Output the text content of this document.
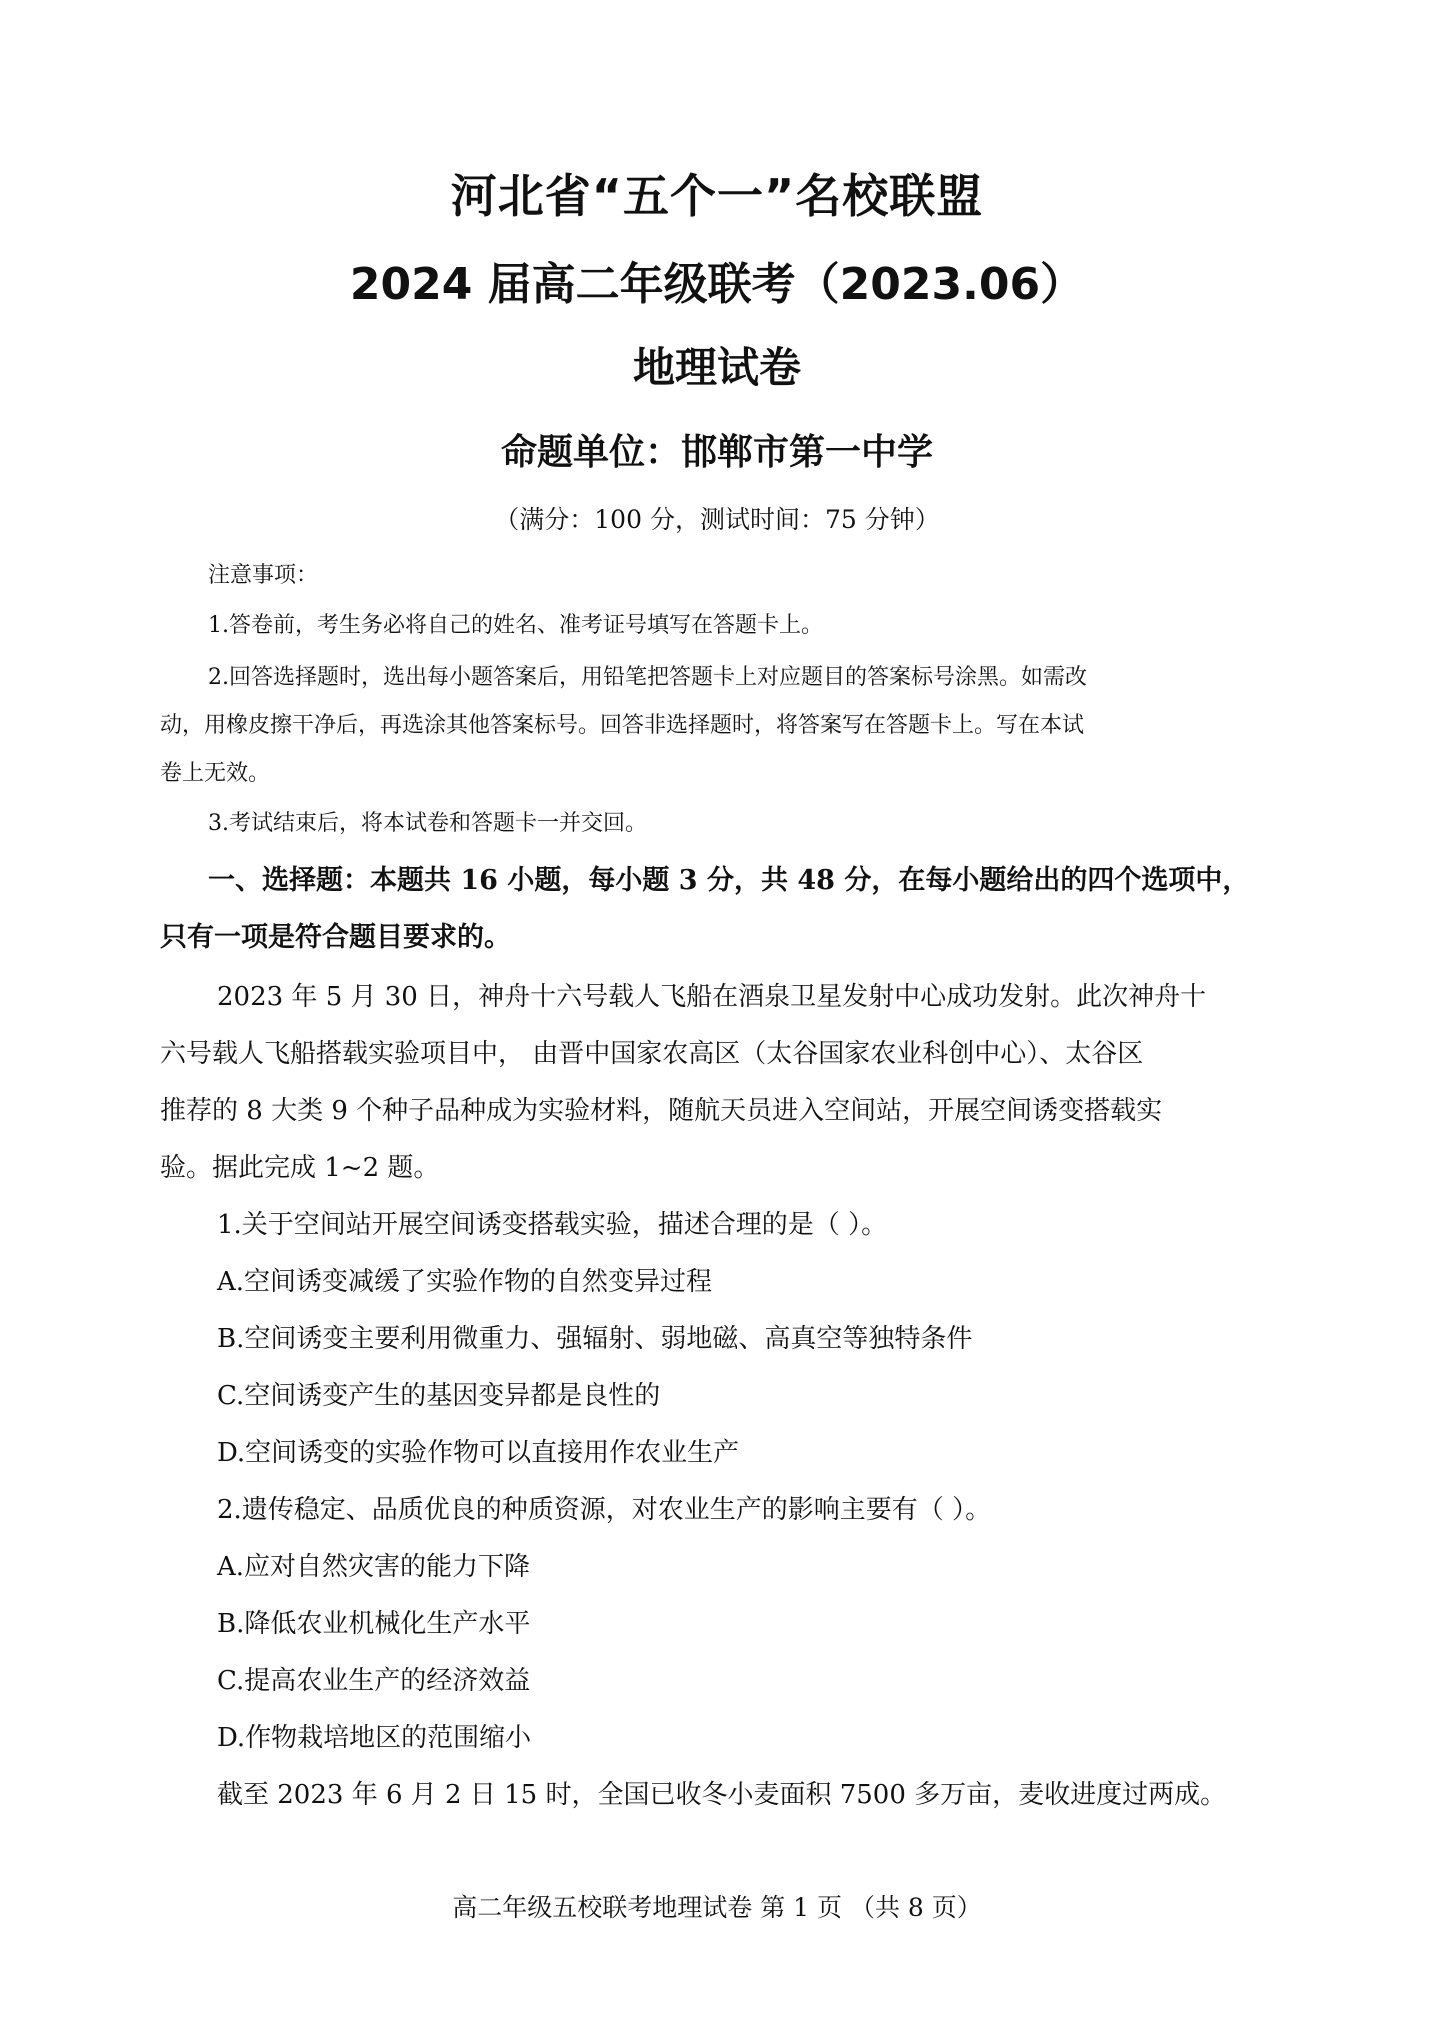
河北省“五个一”名校联盟
2024 届高二年级联考（2023.06）
地理试卷
命题单位：邯郸市第一中学
（满分：100 分，测试时间：75 分钟）
注意事项：
1.答卷前，考生务必将自己的姓名、准考证号填写在答题卡上。
2.回答选择题时，选出每小题答案后，用铅笔把答题卡上对应题目的答案标号涂黑。如需改
动，用橡皮擦干净后，再选涂其他答案标号。回答非选择题时，将答案写在答题卡上。写在本试
卷上无效。
3.考试结束后，将本试卷和答题卡一并交回。
一、选择题：本题共 16 小题，每小题 3 分，共 48 分，在每小题给出的四个选项中，
只有一项是符合题目要求的。
2023 年 5 月 30 日，神舟十六号载人飞船在酒泉卫星发射中心成功发射。此次神舟十
六号载人飞船搭载实验项目中， 由晋中国家农高区（太谷国家农业科创中心）、太谷区
推荐的 8 大类 9 个种子品种成为实验材料，随航天员进入空间站，开展空间诱变搭载实
验。据此完成 1~2 题。
1.关于空间站开展空间诱变搭载实验，描述合理的是（ ）。
A.空间诱变减缓了实验作物的自然变异过程
B.空间诱变主要利用微重力、强辐射、弱地磁、高真空等独特条件
C.空间诱变产生的基因变异都是良性的
D.空间诱变的实验作物可以直接用作农业生产
2.遗传稳定、品质优良的种质资源，对农业生产的影响主要有（ ）。
A.应对自然灾害的能力下降
B.降低农业机械化生产水平
C.提高农业生产的经济效益
D.作物栽培地区的范围缩小
截至 2023 年 6 月 2 日 15 时，全国已收冬小麦面积 7500 多万亩，麦收进度过两成。
高二年级五校联考地理试卷 第 1 页 （共 8 页）
